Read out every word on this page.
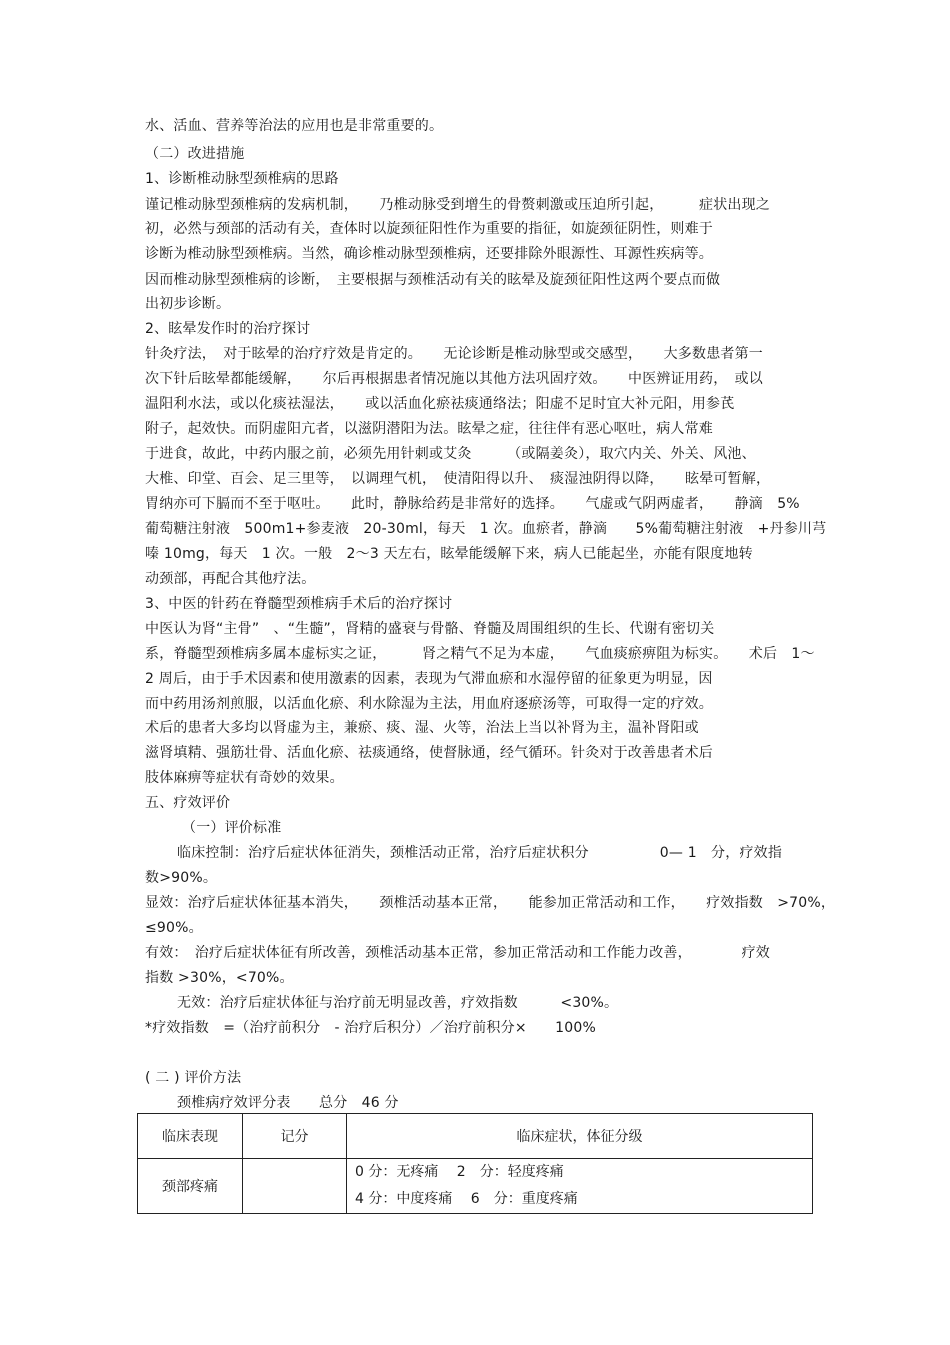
水、活血、营养等治法的应用也是非常重要的。
（二）改进措施
1、诊断椎动脉型颈椎病的思路
谨记椎动脉型颈椎病的发病机制，　　乃椎动脉受到增生的骨赘刺激或压迫所引起，　　　症状出现之
初，必然与颈部的活动有关，查体时以旋颈征阳性作为重要的指征，如旋颈征阴性，则难于
诊断为椎动脉型颈椎病。当然，确诊椎动脉型颈椎病，还要排除外眼源性、耳源性疾病等。
因而椎动脉型颈椎病的诊断，　主要根据与颈椎活动有关的眩晕及旋颈征阳性这两个要点而做
出初步诊断。
2、眩晕发作时的治疗探讨
针灸疗法，　对于眩晕的治疗疗效是肯定的。　　无论诊断是椎动脉型或交感型，　　大多数患者第一
次下针后眩晕都能缓解，　　尔后再根据患者情况施以其他方法巩固疗效。　　中医辨证用药，　或以
温阳利水法，或以化痰祛湿法，　　或以活血化瘀祛痰通络法；阳虚不足时宜大补元阳，用参芪
附子，起效快。而阴虚阳亢者，以滋阴潜阳为法。眩晕之症，往往伴有恶心呕吐，病人常难
于进食，故此，中药内服之前，必须先用针刺或艾灸　　　（或隔姜灸），取穴内关、外关、风池、
大椎、印堂、百会、足三里等，　以调理气机，　使清阳得以升、　痰湿浊阴得以降，　　眩晕可暂解，
胃纳亦可下膈而不至于呕吐。　　此时，静脉给药是非常好的选择。　　气虚或气阴两虚者，　　静滴　5%
葡萄糖注射液　500m1+参麦液　20-30ml，每天　1 次。血瘀者，静滴　　5%葡萄糖注射液　+丹参川芎
嗪 10mg，每天　1 次。一般　2～3 天左右，眩晕能缓解下来，病人已能起坐，亦能有限度地转
动颈部，再配合其他疗法。
3、中医的针药在脊髓型颈椎病手术后的治疗探讨
中医认为肾“主骨”　、“生髓”，肾精的盛衰与骨骼、脊髓及周围组织的生长、代谢有密切关
系，脊髓型颈椎病多属本虚标实之证，　　　肾之精气不足为本虚，　　气血痰瘀痹阻为标实。　　术后　1～
2 周后，由于手术因素和使用激素的因素，表现为气滞血瘀和水湿停留的征象更为明显，因
而中药用汤剂煎服，以活血化瘀、利水除湿为主法，用血府逐瘀汤等，可取得一定的疗效。
术后的患者大多均以肾虚为主，兼瘀、痰、湿、火等，治法上当以补肾为主，温补肾阳或
滋肾填精、强筋壮骨、活血化瘀、祛痰通络，使督脉通，经气循环。针灸对于改善患者术后
肢体麻痹等症状有奇妙的效果。
五、疗效评价
（一）评价标准
临床控制：治疗后症状体征消失，颈椎活动正常，治疗后症状积分　　　　　0— 1　分，疗效指
数>90%。
显效：治疗后症状体征基本消失，　　颈椎活动基本正常，　　能参加正常活动和工作，　　疗效指数　>70%，
≤90%。
有效：　治疗后症状体征有所改善，颈椎活动基本正常，参加正常活动和工作能力改善，　　　　疗效
指数 >30%，<70%。
无效：治疗后症状体征与治疗前无明显改善，疗效指数　　　<30%。
*疗效指数　=（治疗前积分　- 治疗后积分）／治疗前积分×　　100%
( 二 ) 评价方法
颈椎病疗效评分表　　总分　46 分
临床表现	记分	临床症状，体征分级
颈部疼痛		0 分：无疼痛　 2　分：轻度疼痛
4 分：中度疼痛　 6　分：重度疼痛
